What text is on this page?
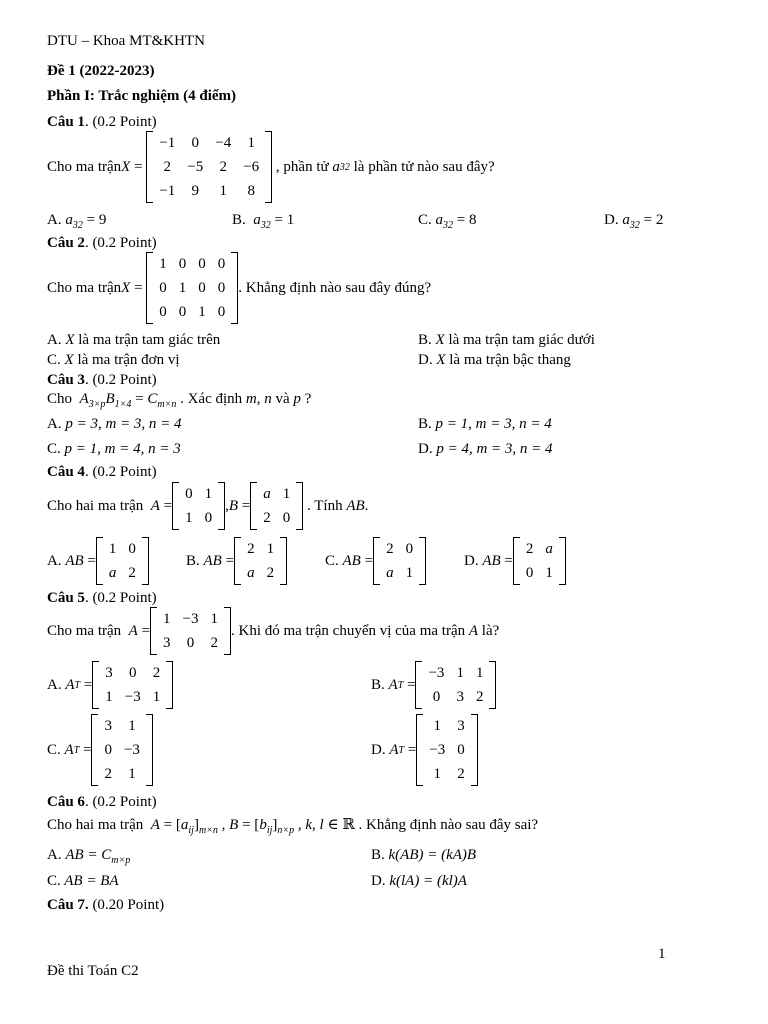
DTU – Khoa MT&KHTN
Đề 1 (2022-2023)
Phần I: Trắc nghiệm (4 điểm)
Câu 1. (0.2 Point)
Cho ma trận X =
−1	0	−4	1
2	−5	2	−6
−1	9	1	8

, phần tử
a 32
là phần tử nào sau đây?
A. $a_{32} = 9$	B. $a_{32} = 1$	C. $a_{32} = 8$	D. $a_{32} = 2$
Câu 2. (0.2 Point)
Cho ma trận X =
1	0	0	0
0	1	0	0
0	0	1	0
. Khẳng định nào sau đây đúng?
A. X là ma trận tam giác trên	B. X là ma trận tam giác dưới
C. X là ma trận đơn vị	D. X là ma trận bậc thang
Câu 3. (0.2 Point)
Cho $A_{3\times p}B_{1\times 4} = C_{m\times n}$ . Xác định m, n và p ?
A. p = 3, m = 3, n = 4	B. p = 1, m = 3, n = 4
C. p = 1, m = 4, n = 3	D. p = 4, m = 3, n = 4
Câu 4. (0.2 Point)
Cho hai ma trận
A =
0	1
1	0
, B =
a	1
2	0

. Tính
AB .
A.
AB =
1	0
a	2
B.
AB =
2	1
a	2
C.
AB =
2	0
a	1
D.
AB =
2	a
0	1
Câu 5. (0.2 Point)
Cho ma trận
A =
1	−3	1
3	0	2
. Khi đó ma trận chuyển vị của ma trận
A
là?
A.
A T =
3	0	2
1	−3	1
B.
A T =
−3	1	1
0	3	2
C.
A T =
3	1
0	−3
2	1
D.
A T =
1	3
−3	0
1	2
Câu 6. (0.2 Point)
Cho hai ma trận $A = [a_{ij}]_{m\times n}$ , $B = [b_{ij}]_{n\times p}$ , k, l ∈ ℝ . Khẳng định nào sau đây sai?
A. AB = $C_{m\times p}$	B. k(AB) = (kA)B
C. AB = BA	D. k(lA) = (kl)A
Câu 7. (0.20 Point)
1
Đề thi Toán C2
